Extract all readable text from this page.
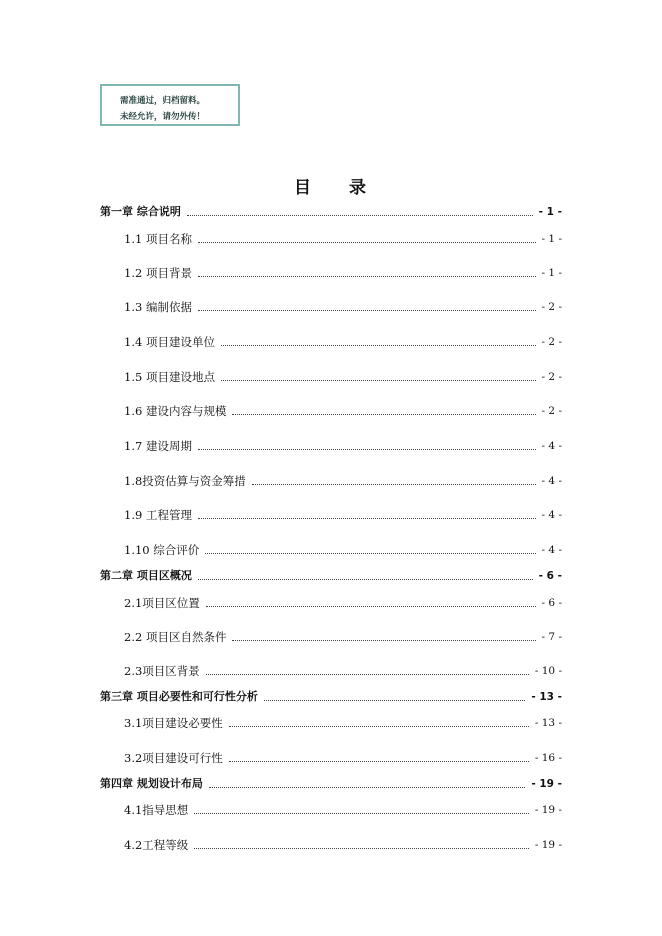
需准通过，归档留料。
未经允许，请勿外传！
目 录
第一章 综合说明	- 1 -
1.1 项目名称	- 1 -
1.2 项目背景	- 1 -
1.3 编制依据	- 2 -
1.4 项目建设单位	- 2 -
1.5 项目建设地点	- 2 -
1.6 建设内容与规模	- 2 -
1.7 建设周期	- 4 -
1.8投资估算与资金筹措	- 4 -
1.9 工程管理	- 4 -
1.10 综合评价	- 4 -
第二章 项目区概况	- 6 -
2.1项目区位置	- 6 -
2.2 项目区自然条件	- 7 -
2.3项目区背景	- 10 -
第三章 项目必要性和可行性分析	- 13 -
3.1项目建设必要性	- 13 -
3.2项目建设可行性	- 16 -
第四章 规划设计布局	- 19 -
4.1指导思想	- 19 -
4.2工程等级	- 19 -
